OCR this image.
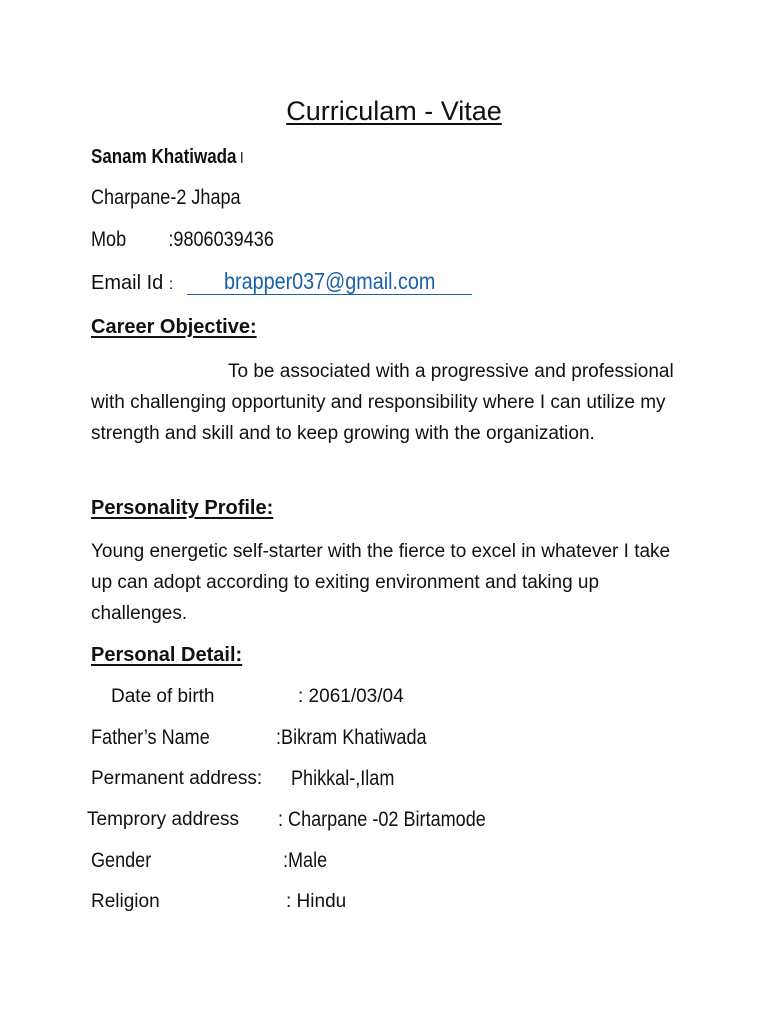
Curriculam - Vitae
Sanam Khatiwada I
Charpane-2 Jhapa
Mob :9806039436
Email Id : brapper037@gmail.com
Career Objective:
To be associated with a progressive and professional with challenging opportunity and responsibility where I can utilize my strength and skill and to keep growing with the organization.
Personality Profile:
Young energetic self-starter with the fierce to excel in whatever I take up can adopt according to exiting environment and taking up challenges.
Personal Detail:
Date of birth	: 2061/03/04
Father’s Name	:Bikram Khatiwada
Permanent address: Phikkal-,Ilam
Temprory address : Charpane -02 Birtamode
Gender	:Male
Religion	: Hindu
